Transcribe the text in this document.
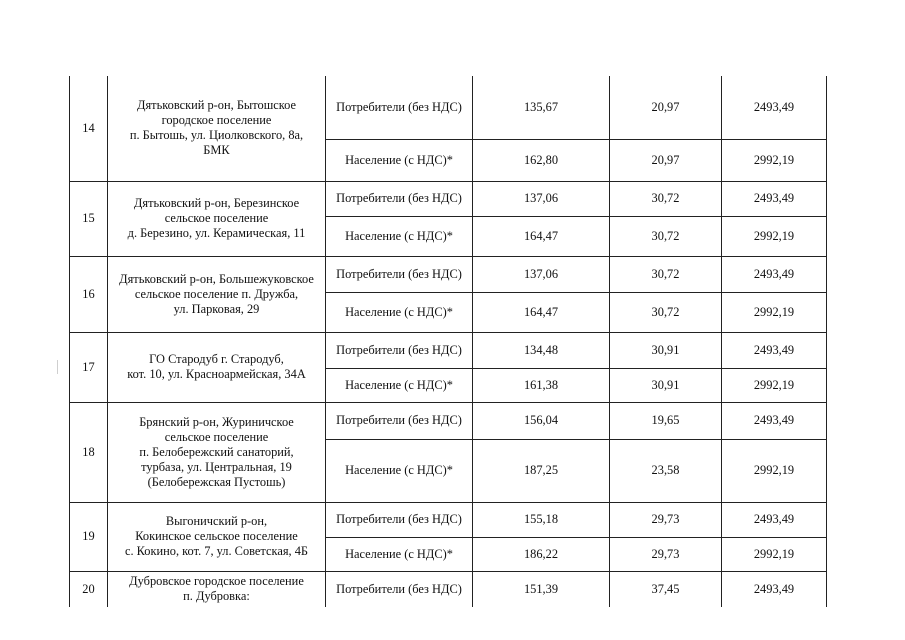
14	Дятьковский р-он, Бытошское
городское поселение
п. Бытошь, ул. Циолковского, 8а,
БМК	Потребители (без НДС)	135,67	20,97	2493,49
		Население (с НДС)*	162,80	20,97	2992,19
15	Дятьковский р-он, Березинское
сельское поселение
д. Березино, ул. Керамическая, 11	Потребители (без НДС)	137,06	30,72	2493,49
		Население (с НДС)*	164,47	30,72	2992,19
16	Дятьковский р-он, Большежуковское
сельское поселение п. Дружба,
ул. Парковая, 29	Потребители (без НДС)	137,06	30,72	2493,49
		Население (с НДС)*	164,47	30,72	2992,19
17	ГО Стародуб г. Стародуб,
кот. 10, ул. Красноармейская, 34А	Потребители (без НДС)	134,48	30,91	2493,49
		Население (с НДС)*	161,38	30,91	2992,19
18	Брянский р-он, Журиничское
сельское поселение
п. Белобережский санаторий,
турбаза, ул. Центральная, 19
(Белобережская Пустошь)	Потребители (без НДС)	156,04	19,65	2493,49
		Население (с НДС)*	187,25	23,58	2992,19
19	Выгоничский р-он,
Кокинское сельское поселение
с. Кокино, кот. 7, ул. Советская, 4Б	Потребители (без НДС)	155,18	29,73	2493,49
		Население (с НДС)*	186,22	29,73	2992,19
20	Дубровское городское поселение
п. Дубровка:	Потребители (без НДС)	151,39	37,45	2493,49
